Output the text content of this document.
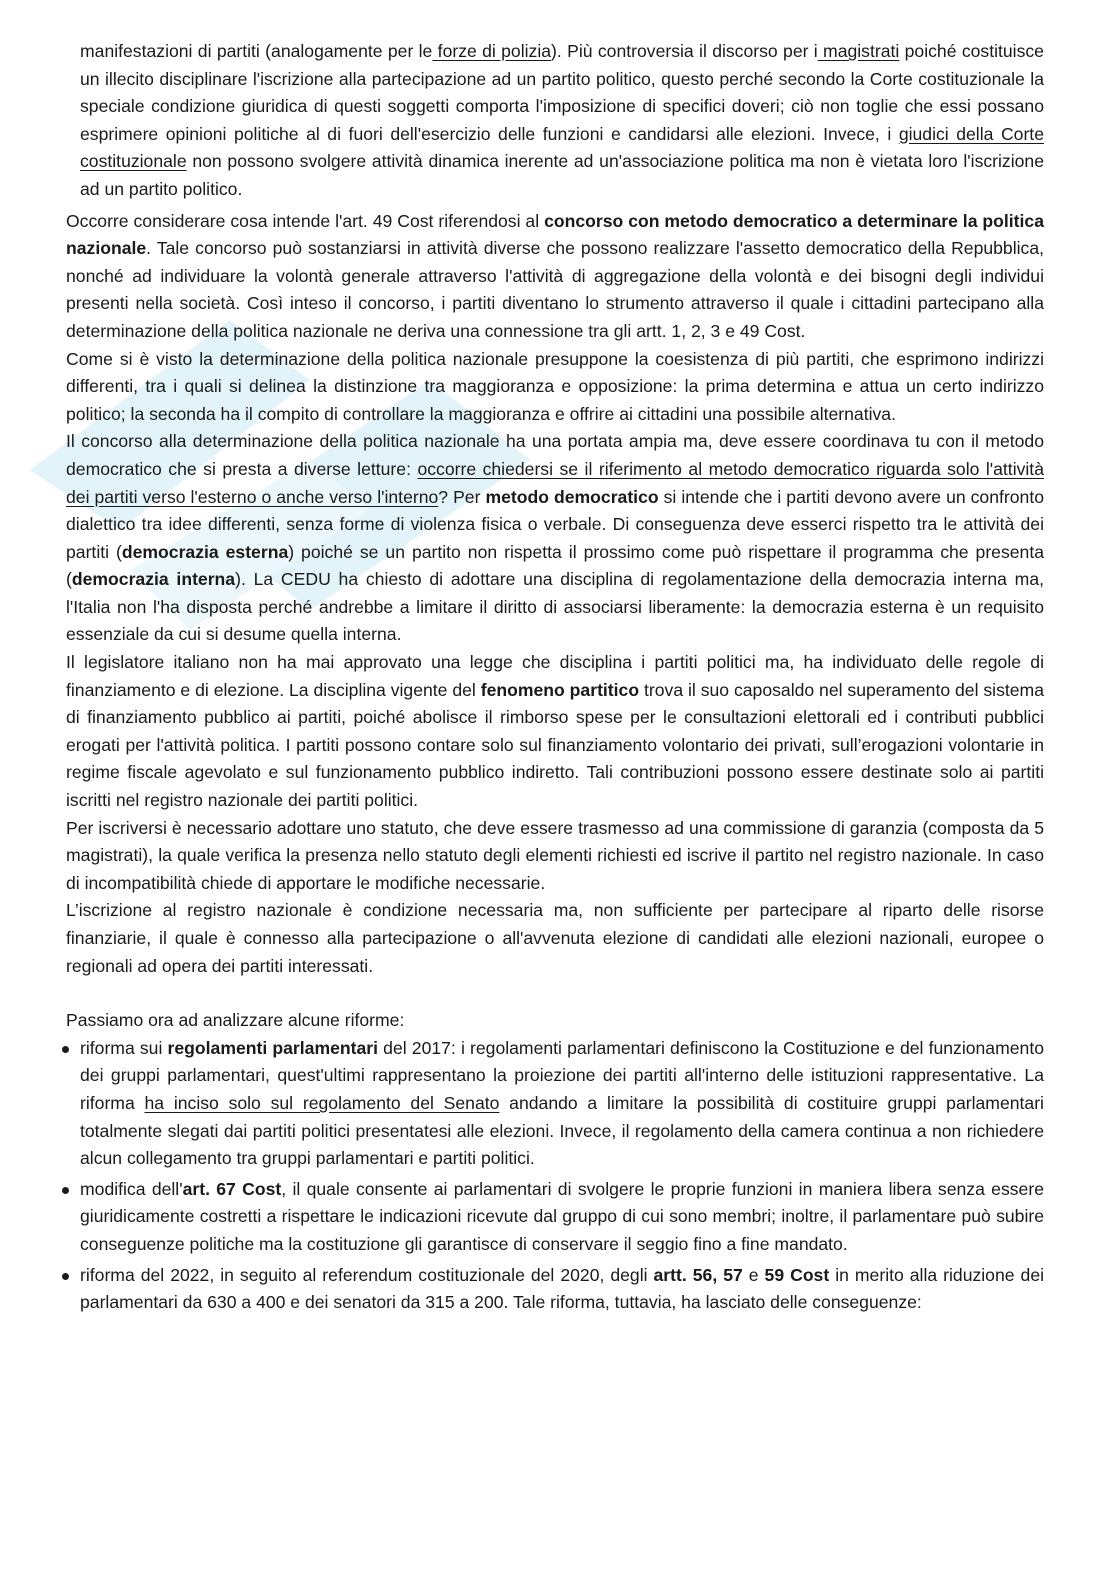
manifestazioni di partiti (analogamente per le forze di polizia). Più controversia il discorso per i magistrati poiché costituisce un illecito disciplinare l'iscrizione alla partecipazione ad un partito politico, questo perché secondo la Corte costituzionale la speciale condizione giuridica di questi soggetti comporta l'imposizione di specifici doveri; ciò non toglie che essi possano esprimere opinioni politiche al di fuori dell'esercizio delle funzioni e candidarsi alle elezioni. Invece, i giudici della Corte costituzionale non possono svolgere attività dinamica inerente ad un'associazione politica ma non è vietata loro l'iscrizione ad un partito politico.

Occorre considerare cosa intende l'art. 49 Cost riferendosi al concorso con metodo democratico a determinare la politica nazionale. Tale concorso può sostanziarsi in attività diverse che possono realizzare l'assetto democratico della Repubblica, nonché ad individuare la volontà generale attraverso l'attività di aggregazione della volontà e dei bisogni degli individui presenti nella società. Così inteso il concorso, i partiti diventano lo strumento attraverso il quale i cittadini partecipano alla determinazione della politica nazionale ne deriva una connessione tra gli artt. 1, 2, 3 e 49 Cost.

Come si è visto la determinazione della politica nazionale presuppone la coesistenza di più partiti, che esprimono indirizzi differenti, tra i quali si delinea la distinzione tra maggioranza e opposizione: la prima determina e attua un certo indirizzo politico; la seconda ha il compito di controllare la maggioranza e offrire ai cittadini una possibile alternativa.

Il concorso alla determinazione della politica nazionale ha una portata ampia ma, deve essere coordinava tu con il metodo democratico che si presta a diverse letture: occorre chiedersi se il riferimento al metodo democratico riguarda solo l'attività dei partiti verso l'esterno o anche verso l'interno? Per metodo democratico si intende che i partiti devono avere un confronto dialettico tra idee differenti, senza forme di violenza fisica o verbale. Di conseguenza deve esserci rispetto tra le attività dei partiti (democrazia esterna) poiché se un partito non rispetta il prossimo come può rispettare il programma che presenta (democrazia interna). La CEDU ha chiesto di adottare una disciplina di regolamentazione della democrazia interna ma, l'Italia non l'ha disposta perché andrebbe a limitare il diritto di associarsi liberamente: la democrazia esterna è un requisito essenziale da cui si desume quella interna.

Il legislatore italiano non ha mai approvato una legge che disciplina i partiti politici ma, ha individuato delle regole di finanziamento e di elezione. La disciplina vigente del fenomeno partitico trova il suo caposaldo nel superamento del sistema di finanziamento pubblico ai partiti, poiché abolisce il rimborso spese per le consultazioni elettorali ed i contributi pubblici erogati per l'attività politica. I partiti possono contare solo sul finanziamento volontario dei privati, sull’erogazioni volontarie in regime fiscale agevolato e sul funzionamento pubblico indiretto. Tali contribuzioni possono essere destinate solo ai partiti iscritti nel registro nazionale dei partiti politici.

Per iscriversi è necessario adottare uno statuto, che deve essere trasmesso ad una commissione di garanzia (composta da 5 magistrati), la quale verifica la presenza nello statuto degli elementi richiesti ed iscrive il partito nel registro nazionale. In caso di incompatibilità chiede di apportare le modifiche necessarie.

L’iscrizione al registro nazionale è condizione necessaria ma, non sufficiente per partecipare al riparto delle risorse finanziarie, il quale è connesso alla partecipazione o all'avvenuta elezione di candidati alle elezioni nazionali, europee o regionali ad opera dei partiti interessati.

Passiamo ora ad analizzare alcune riforme:

riforma sui regolamenti parlamentari del 2017: i regolamenti parlamentari definiscono la Costituzione e del funzionamento dei gruppi parlamentari, quest'ultimi rappresentano la proiezione dei partiti all'interno delle istituzioni rappresentative. La riforma ha inciso solo sul regolamento del Senato andando a limitare la possibilità di costituire gruppi parlamentari totalmente slegati dai partiti politici presentatesi alle elezioni. Invece, il regolamento della camera continua a non richiedere alcun collegamento tra gruppi parlamentari e partiti politici.
modifica dell'art. 67 Cost, il quale consente ai parlamentari di svolgere le proprie funzioni in maniera libera senza essere giuridicamente costretti a rispettare le indicazioni ricevute dal gruppo di cui sono membri; inoltre, il parlamentare può subire conseguenze politiche ma la costituzione gli garantisce di conservare il seggio fino a fine mandato.
riforma del 2022, in seguito al referendum costituzionale del 2020, degli artt. 56, 57 e 59 Cost in merito alla riduzione dei parlamentari da 630 a 400 e dei senatori da 315 a 200. Tale riforma, tuttavia, ha lasciato delle conseguenze:
